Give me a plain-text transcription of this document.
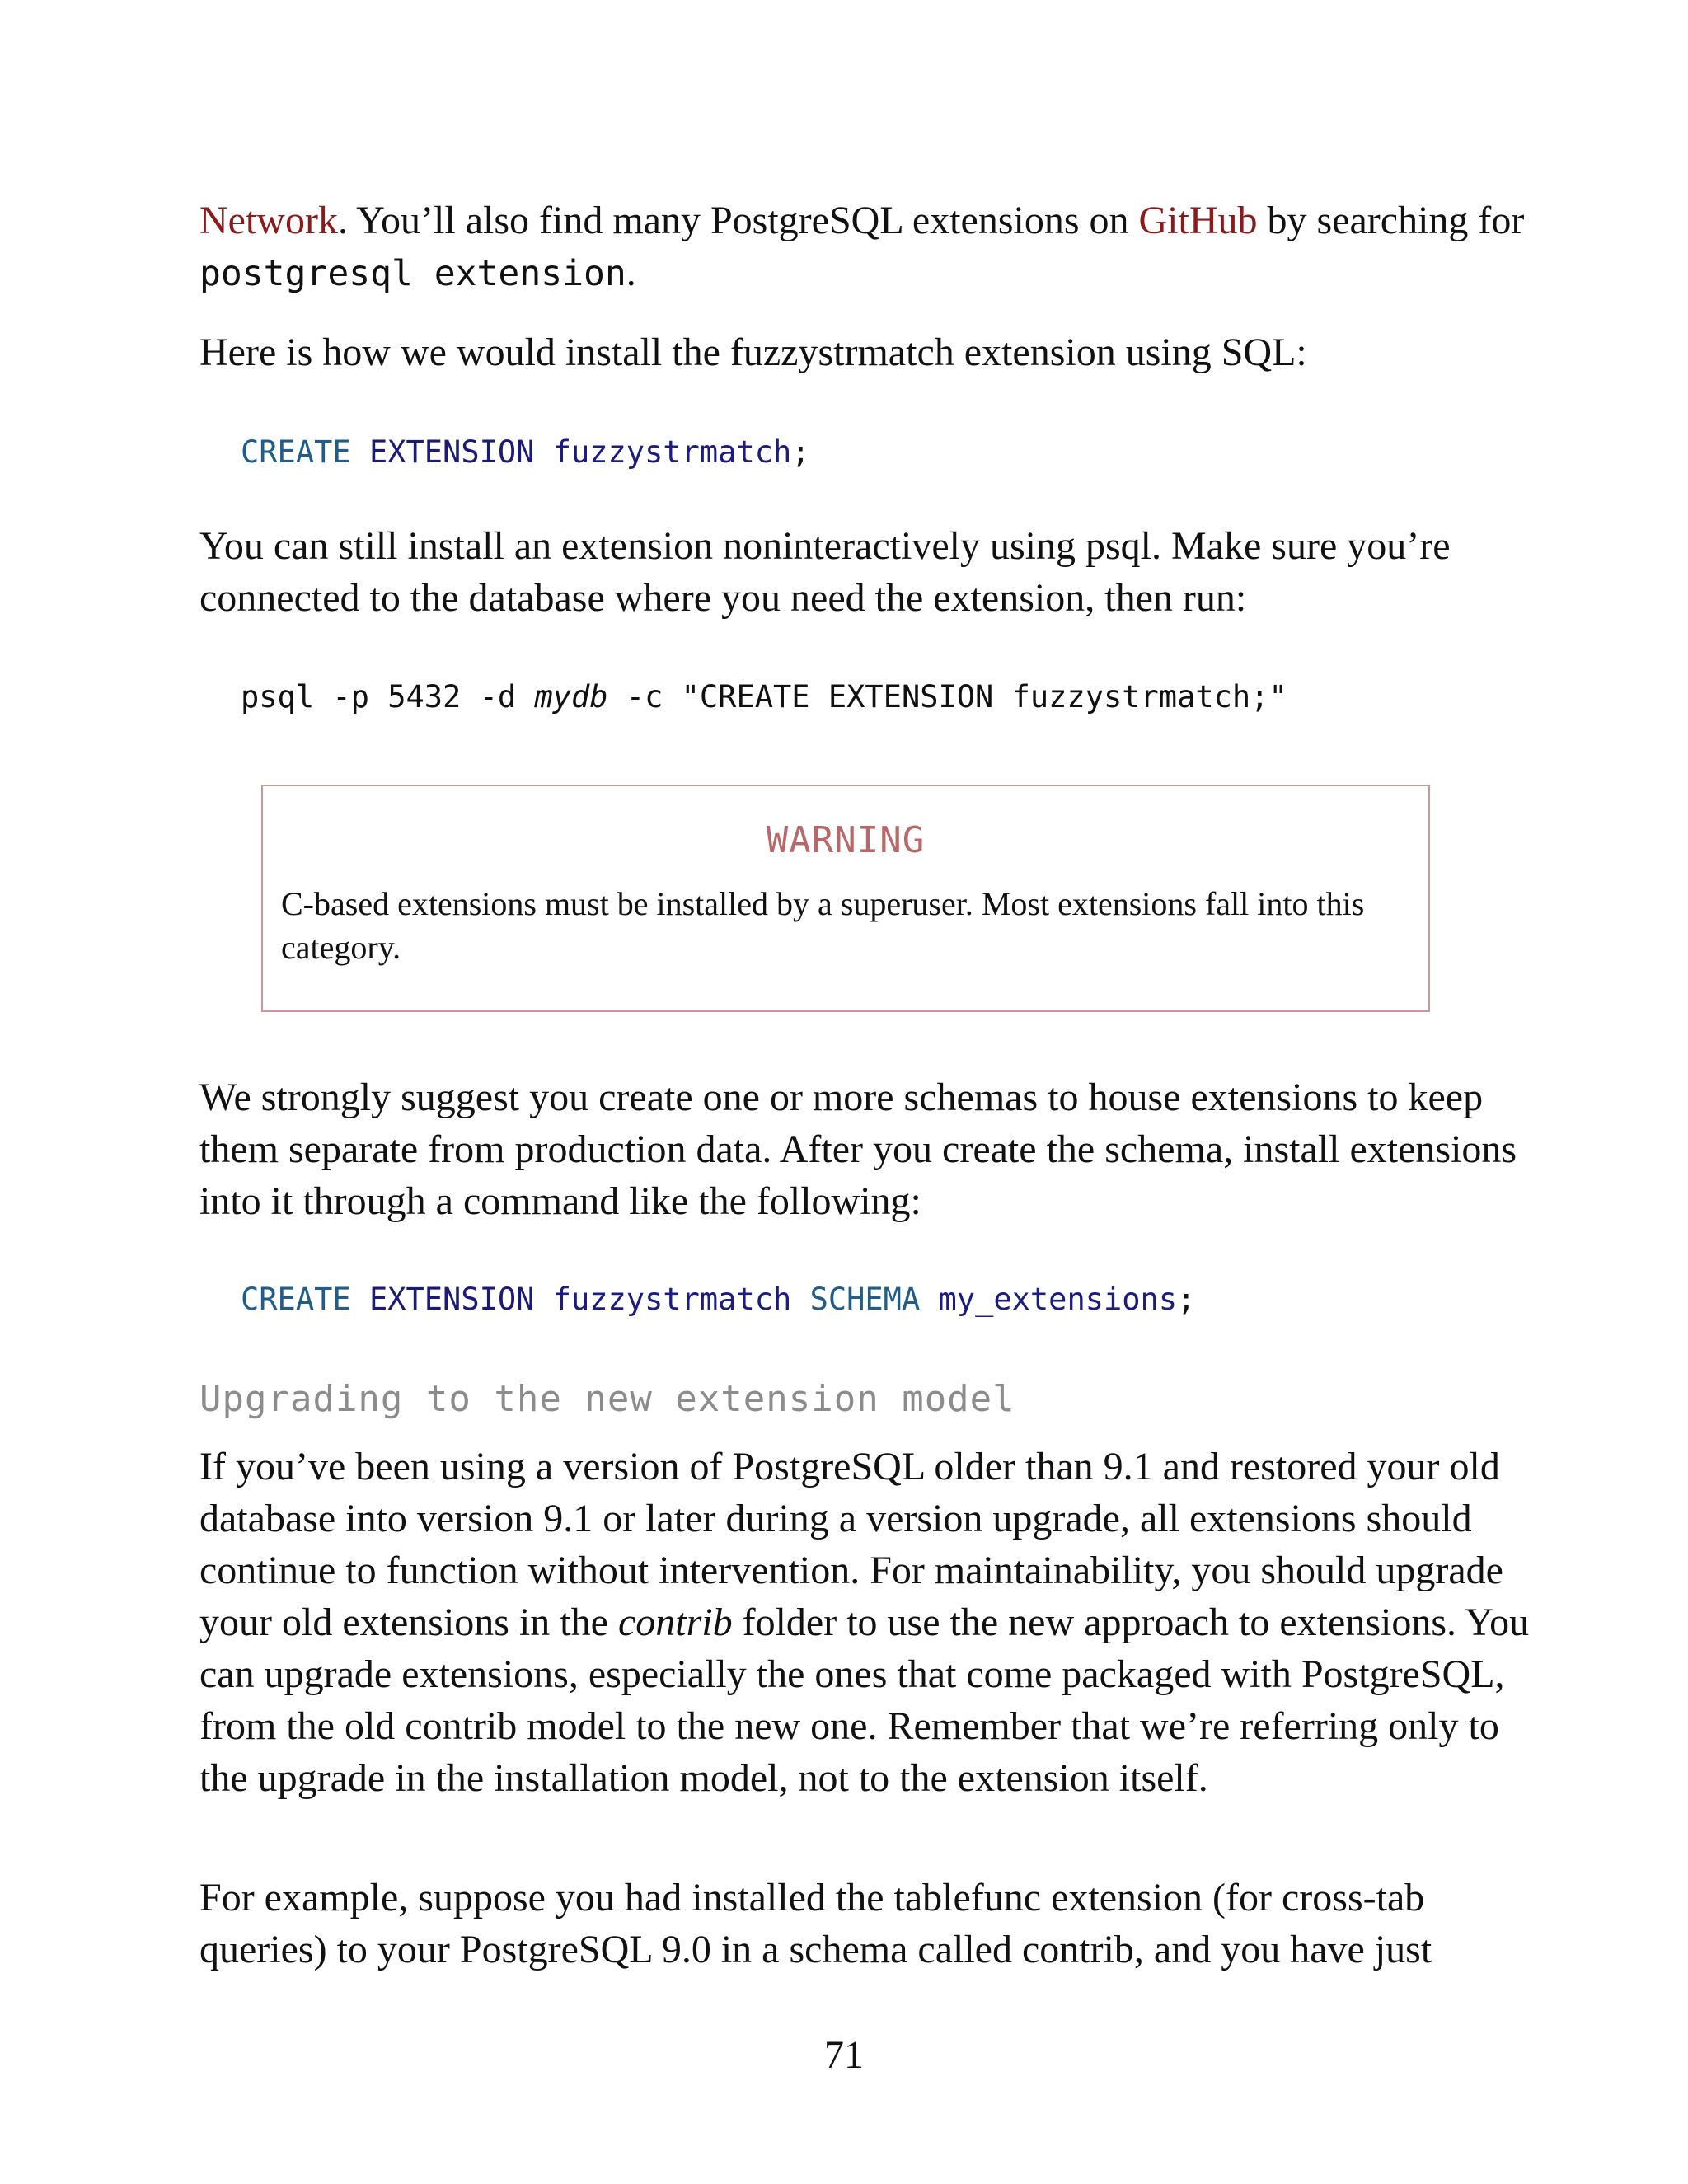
Network. You’ll also find many PostgreSQL extensions on GitHub by searching for postgresql extension.

Here is how we would install the fuzzystrmatch extension using SQL:

CREATE EXTENSION fuzzystrmatch;

You can still install an extension noninteractively using psql. Make sure you’re connected to the database where you need the extension, then run:

psql -p 5432 -d mydb -c "CREATE EXTENSION fuzzystrmatch;"
WARNING

C-based extensions must be installed by a superuser. Most extensions fall into this category.

We strongly suggest you create one or more schemas to house extensions to keep them separate from production data. After you create the schema, install extensions into it through a command like the following:

CREATE EXTENSION fuzzystrmatch SCHEMA my_extensions;
Upgrading to the new extension model

If you’ve been using a version of PostgreSQL older than 9.1 and restored your old database into version 9.1 or later during a version upgrade, all extensions should continue to function without intervention. For maintainability, you should upgrade your old extensions in the contrib folder to use the new approach to extensions. You can upgrade extensions, especially the ones that come packaged with PostgreSQL, from the old contrib model to the new one. Remember that we’re referring only to the upgrade in the installation model, not to the extension itself.

For example, suppose you had installed the tablefunc extension (for cross-tab queries) to your PostgreSQL 9.0 in a schema called contrib, and you have just

71
